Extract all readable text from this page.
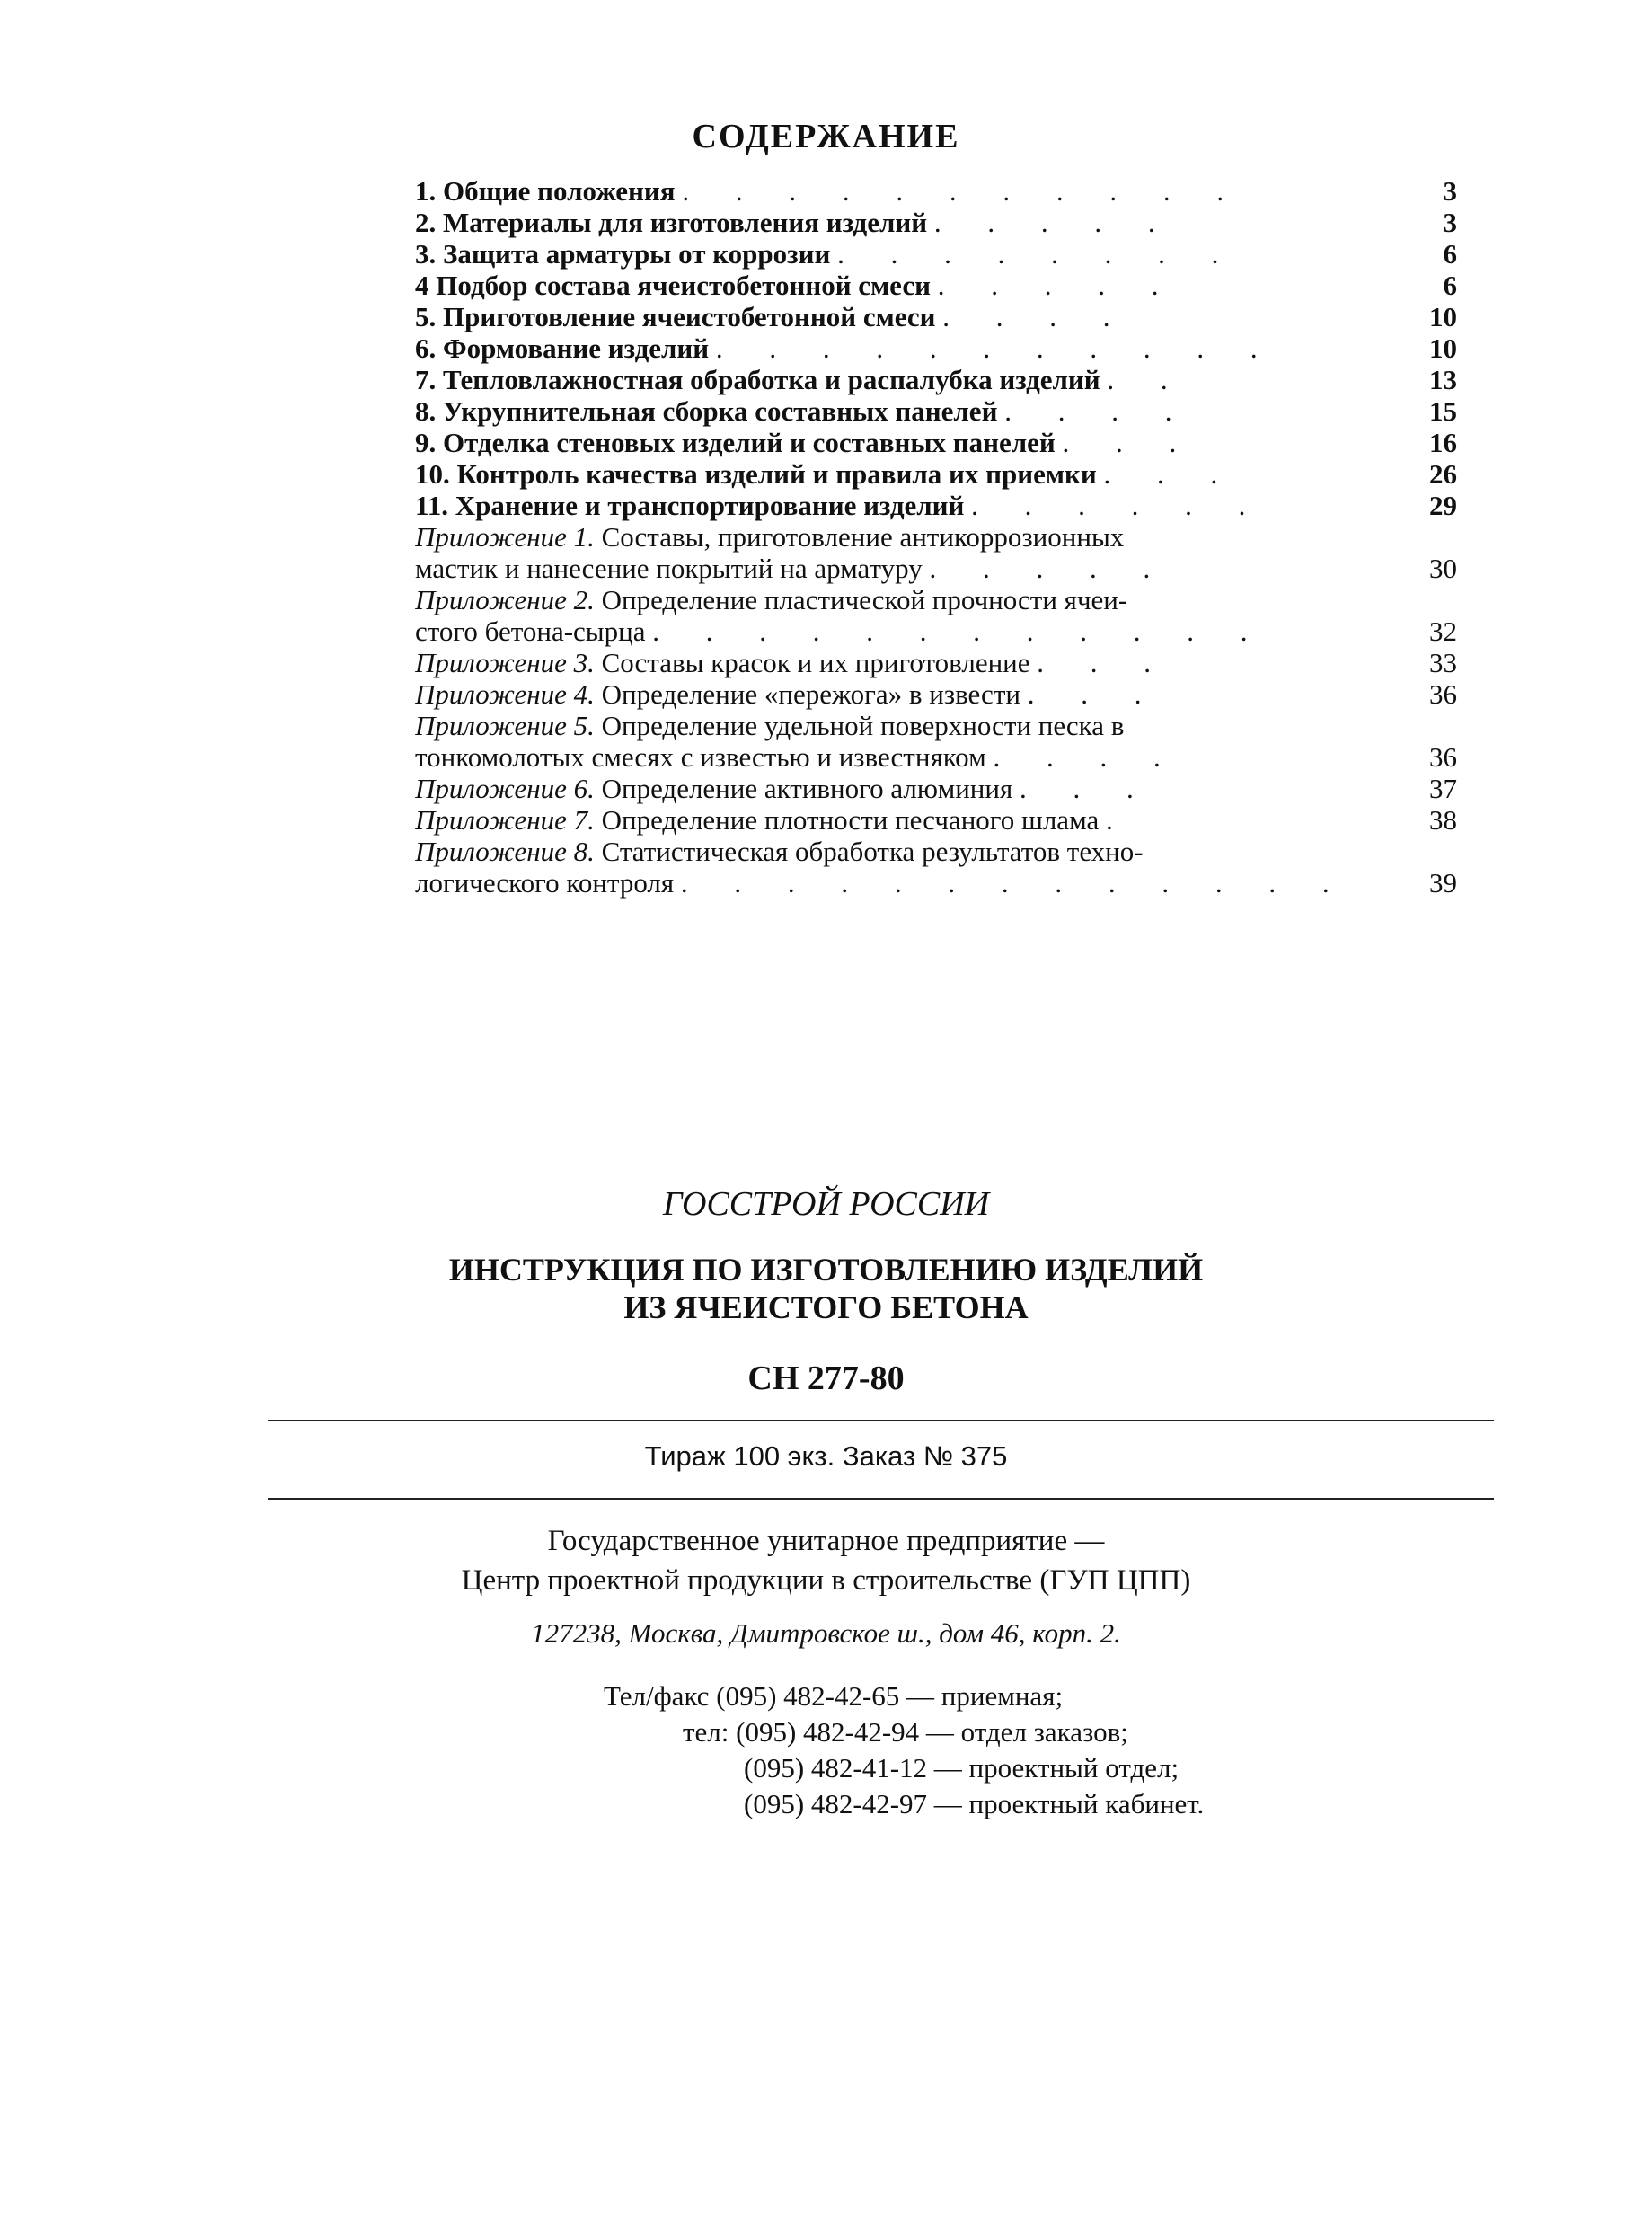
СОДЕРЖАНИЕ
1. Общие положения . . . . . . . . . . .	3
2. Материалы для изготовления изделий . . . . .	3
3. Защита арматуры от коррозии . . . . . . . .	6
4 Подбор состава ячеистобетонной смеси . . . . .	6
5. Приготовление ячеистобетонной смеси . . . .	10
6. Формование изделий . . . . . . . . . . .	10
7. Тепловлажностная обработка и распалубка изделий . .	13
8. Укрупнительная сборка составных панелей . . . .	15
9. Отделка стеновых изделий и составных панелей . . .	16
10. Контроль качества изделий и правила их приемки . . .	26
11. Хранение и транспортирование изделий . . . . . .	29
Приложение 1. Составы, приготовление антикоррозионных
мастик и нанесение покрытий на арматуру . . . . .	30
Приложение 2. Определение пластической прочности ячеи-
стого бетона-сырца . . . . . . . . . . . .	32
Приложение 3. Составы красок и их приготовление . . .	33
Приложение 4. Определение «пережога» в извести . . .	36
Приложение 5. Определение удельной поверхности песка в
тонкомолотых смесях с известью и известняком . . . .	36
Приложение 6. Определение активного алюминия . . .	37
Приложение 7. Определение плотности песчаного шлама .	38
Приложение 8. Статистическая обработка результатов техно-
логического контроля . . . . . . . . . . . . .	39
ГОССТРОЙ РОССИИ
ИНСТРУКЦИЯ ПО ИЗГОТОВЛЕНИЮ ИЗДЕЛИЙ
ИЗ ЯЧЕИСТОГО БЕТОНА
СН 277-80
Тираж 100 экз. Заказ № 375
Государственное унитарное предприятие —
Центр проектной продукции в строительстве (ГУП ЦПП)
127238, Москва, Дмитровское ш., дом 46, корп. 2.
Тел/факс (095) 482-42-65 — приемная;
тел: (095) 482-42-94 — отдел заказов;
(095) 482-41-12 — проектный отдел;
(095) 482-42-97 — проектный кабинет.
